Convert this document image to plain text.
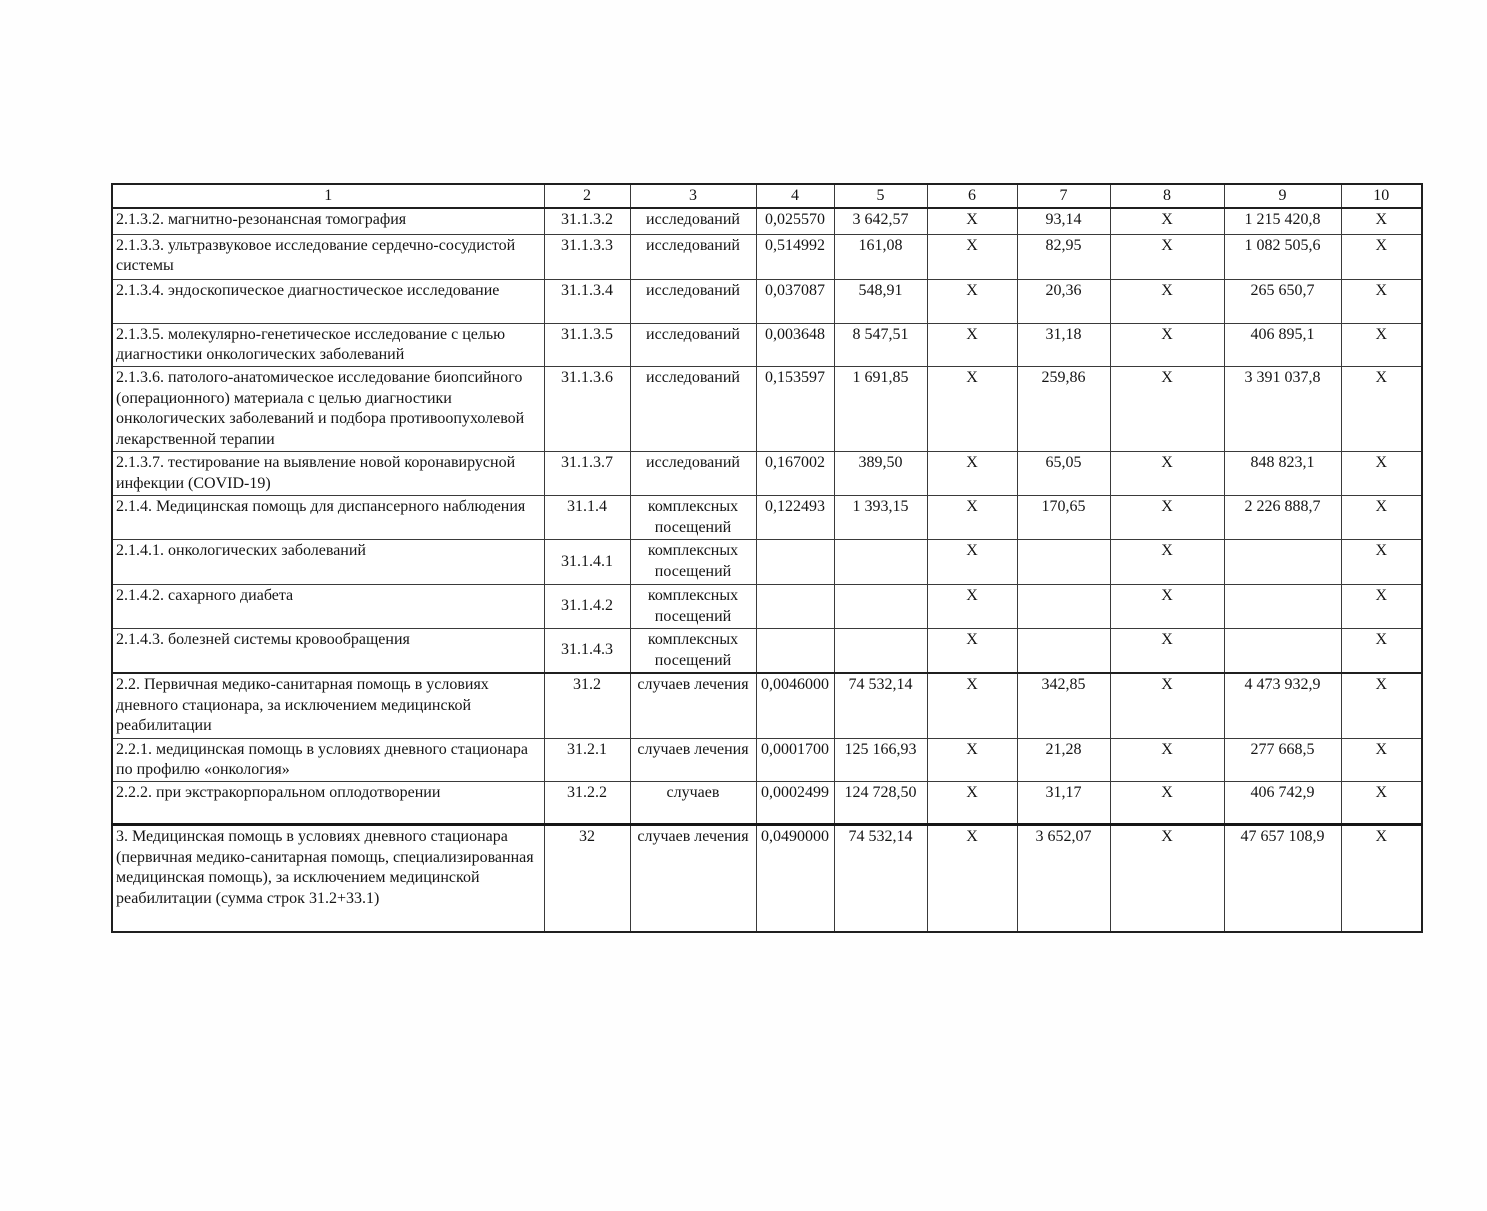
1	2	3	4	5	6	7	8	9	10
2.1.3.2. магнитно-резонансная томография	31.1.3.2	исследований	0,025570	3 642,57	X	93,14	X	1 215 420,8	X
2.1.3.3. ультразвуковое исследование сердечно-сосудистой системы	31.1.3.3	исследований	0,514992	161,08	X	82,95	X	1 082 505,6	X
2.1.3.4. эндоскопическое диагностическое исследование	31.1.3.4	исследований	0,037087	548,91	X	20,36	X	265 650,7	X
2.1.3.5. молекулярно-генетическое исследование с целью диагностики онкологических заболеваний	31.1.3.5	исследований	0,003648	8 547,51	X	31,18	X	406 895,1	X
2.1.3.6. патолого-анатомическое исследование биопсийного (операционного) материала с целью диагностики онкологических заболеваний и подбора противоопухолевой лекарственной терапии	31.1.3.6	исследований	0,153597	1 691,85	X	259,86	X	3 391 037,8	X
2.1.3.7. тестирование на выявление новой коронавирусной инфекции (COVID-19)	31.1.3.7	исследований	0,167002	389,50	X	65,05	X	848 823,1	X
2.1.4. Медицинская помощь для диспансерного наблюдения	31.1.4	комплексных посещений	0,122493	1 393,15	X	170,65	X	2 226 888,7	X
2.1.4.1. онкологических заболеваний	31.1.4.1	комплексных посещений			X		X		X
2.1.4.2. сахарного диабета	31.1.4.2	комплексных посещений			X		X		X
2.1.4.3. болезней системы кровообращения	31.1.4.3	комплексных посещений			X		X		X
2.2. Первичная медико-санитарная помощь в условиях дневного стационара, за исключением медицинской реабилитации	31.2	случаев лечения	0,0046000	74 532,14	X	342,85	X	4 473 932,9	X
2.2.1. медицинская помощь в условиях дневного стационара по профилю «онкология»	31.2.1	случаев лечения	0,0001700	125 166,93	X	21,28	X	277 668,5	X
2.2.2. при экстракорпоральном оплодотворении	31.2.2	случаев	0,0002499	124 728,50	X	31,17	X	406 742,9	X
3. Медицинская помощь в условиях дневного стационара (первичная медико-санитарная помощь, специализированная медицинская помощь), за исключением медицинской реабилитации (сумма строк 31.2+33.1)	32	случаев лечения	0,0490000	74 532,14	X	3 652,07	X	47 657 108,9	X
